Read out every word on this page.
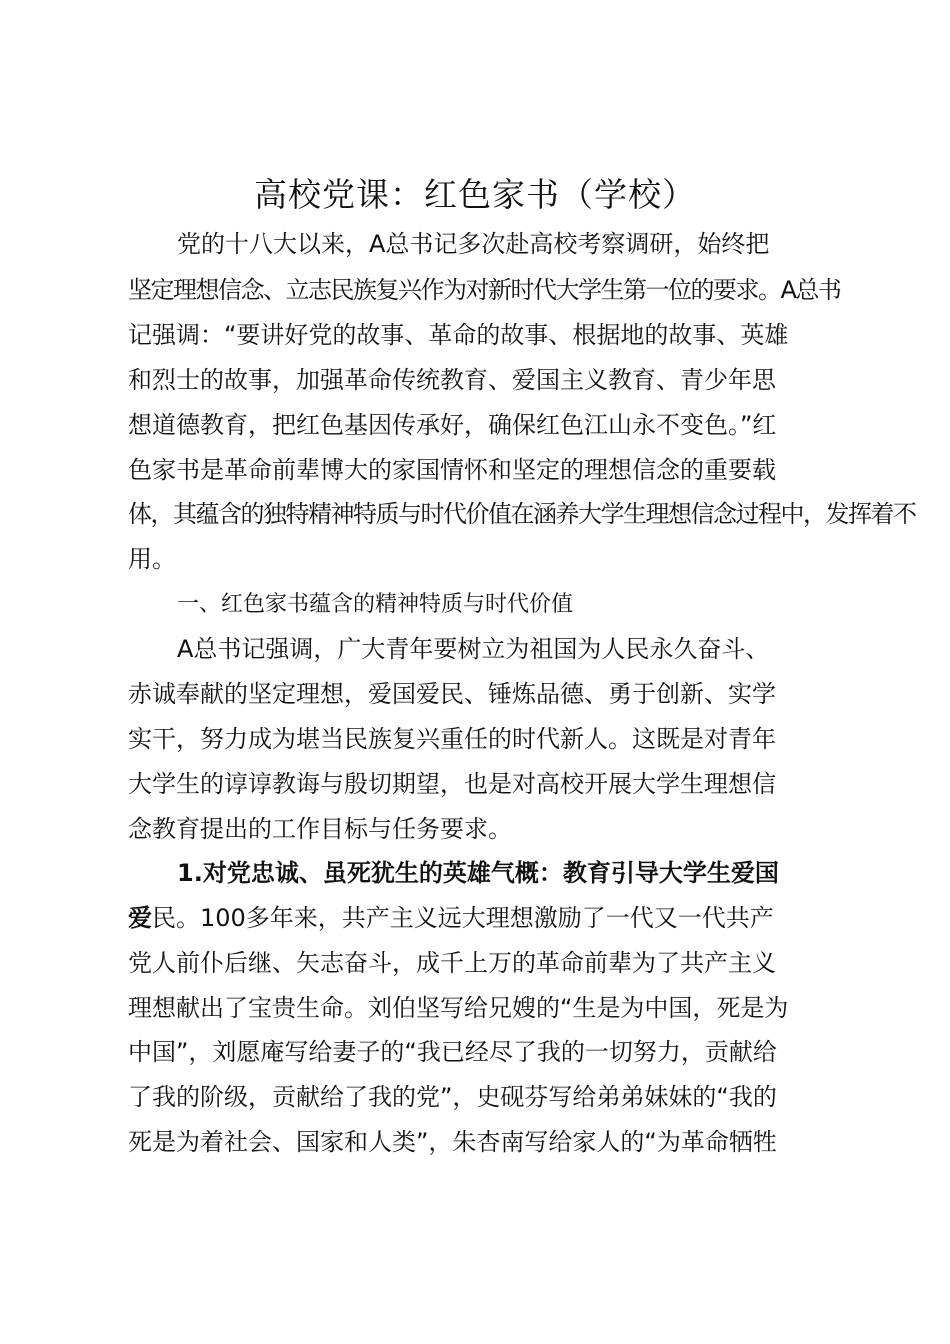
高校党课：红色家书（学校）
党的十八大以来，A总书记多次赴高校考察调研，始终把
坚定理想信念、立志民族复兴作为对新时代大学生第一位的要求。A总书
记强调：“要讲好党的故事、革命的故事、根据地的故事、英雄
和烈士的故事，加强革命传统教育、爱国主义教育、青少年思
想道德教育，把红色基因传承好，确保红色江山永不变色。”红
色家书是革命前辈博大的家国情怀和坚定的理想信念的重要载
体，其蕴含的独特精神特质与时代价值在涵养大学生理想信念过程中，发挥着不
用。
一、红色家书蕴含的精神特质与时代价值
A总书记强调，广大青年要树立为祖国为人民永久奋斗、
赤诚奉献的坚定理想，爱国爱民、锤炼品德、勇于创新、实学
实干，努力成为堪当民族复兴重任的时代新人。这既是对青年
大学生的谆谆教诲与殷切期望，也是对高校开展大学生理想信
念教育提出的工作目标与任务要求。
1.对党忠诚、虽死犹生的英雄气概：教育引导大学生爱国
爱 民。100多年来，共产主义远大理想激励了一代又一代共产
党人前仆后继、矢志奋斗，成千上万的革命前辈为了共产主义
理想献出了宝贵生命。刘伯坚写给兄嫂的“生是为中国，死是为
中国”，刘愿庵写给妻子的“我已经尽了我的一切努力，贡献给
了我的阶级，贡献给了我的党”，史砚芬写给弟弟妹妹的“我的
死是为着社会、国家和人类”，朱杏南写给家人的“为革命牺牲
